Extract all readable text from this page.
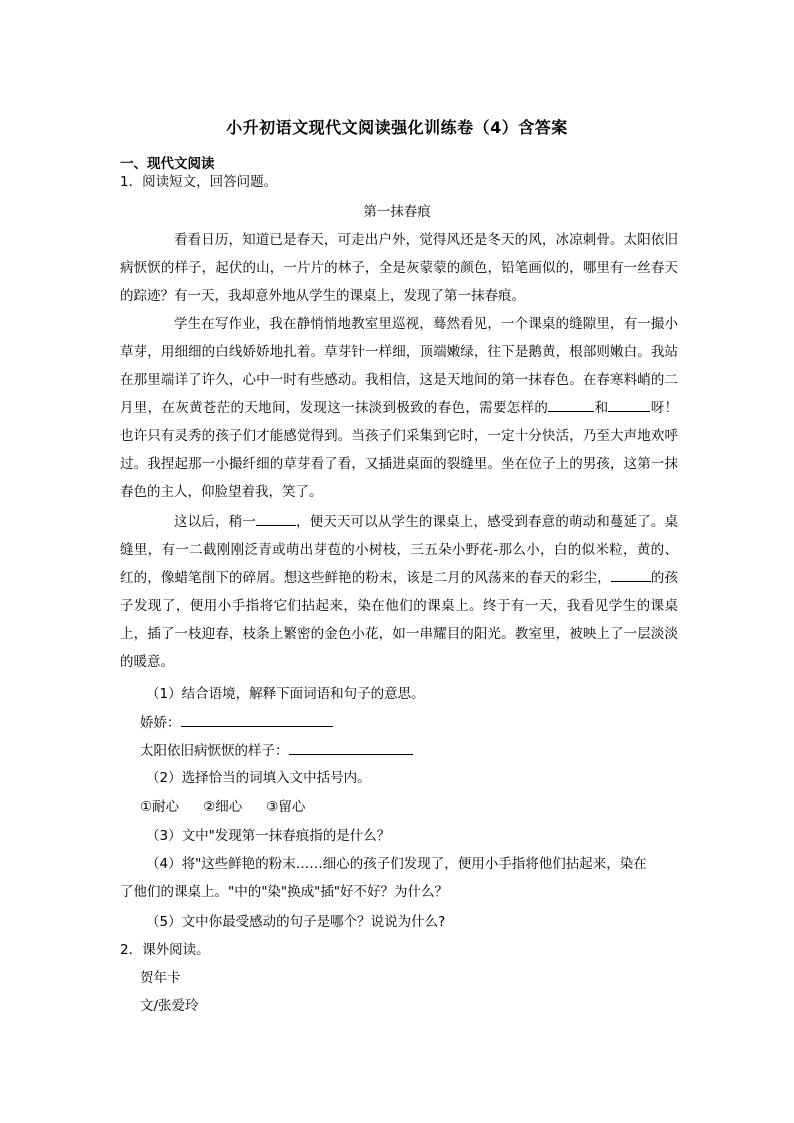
小升初语文现代文阅读强化训练卷（4）含答案
一、现代文阅读
1．阅读短文，回答问题。
第一抹春痕
看看日历，知道已是春天，可走出户外，觉得风还是冬天的风，冰凉刺骨。太阳依旧病恹恹的样子，起伏的山，一片片的林子，全是灰蒙蒙的颜色，铅笔画似的，哪里有一丝春天的踪迹？有一天，我却意外地从学生的课桌上，发现了第一抹春痕。
学生在写作业，我在静悄悄地教室里巡视，蓦然看见，一个课桌的缝隙里，有一撮小草芽，用细细的白线娇娇地扎着。草芽针一样细，顶端嫩绿，往下是鹅黄，根部则嫩白。我站在那里端详了许久，心中一时有些感动。我相信，这是天地间的第一抹春色。在春寒料峭的二月里，在灰黄苍茫的天地间，发现这一抹淡到极致的春色，需要怎样的	和	呀！也许只有灵秀的孩子们才能感觉得到。当孩子们采集到它时，一定十分快活，乃至大声地欢呼过。我捏起那一小撮纤细的草芽看了看，又插进桌面的裂缝里。坐在位子上的男孩，这第一抹春色的主人，仰脸望着我，笑了。
这以后，稍一	，便天天可以从学生的课桌上，感受到春意的萌动和蔓延了。桌缝里，有一二截刚刚泛青或萌出芽苞的小树枝，三五朵小野花-那么小，白的似米粒，黄的、红的，像蜡笔削下的碎屑。想这些鲜艳的粉末，该是二月的风荡来的春天的彩尘，	的孩子发现了，便用小手指将它们拈起来，染在他们的课桌上。终于有一天，我看见学生的课桌上，插了一枝迎春，枝条上繁密的金色小花，如一串耀目的阳光。教室里，被映上了一层淡淡的暖意。
（1）结合语境，解释下面词语和句子的意思。
娇娇：
太阳依旧病恹恹的样子：
（2）选择恰当的词填入文中括号内。
①耐心 ②细心 ③留心
（3）文中"发现第一抹春痕指的是什么？
（4）将"这些鲜艳的粉末……细心的孩子们发现了，便用小手指将他们拈起来，染在
了他们的课桌上。"中的"染"换成"插"好不好？为什么？
（5）文中你最受感动的句子是哪个？说说为什么?
2．课外阅读。
贺年卡
文/张爱玲
